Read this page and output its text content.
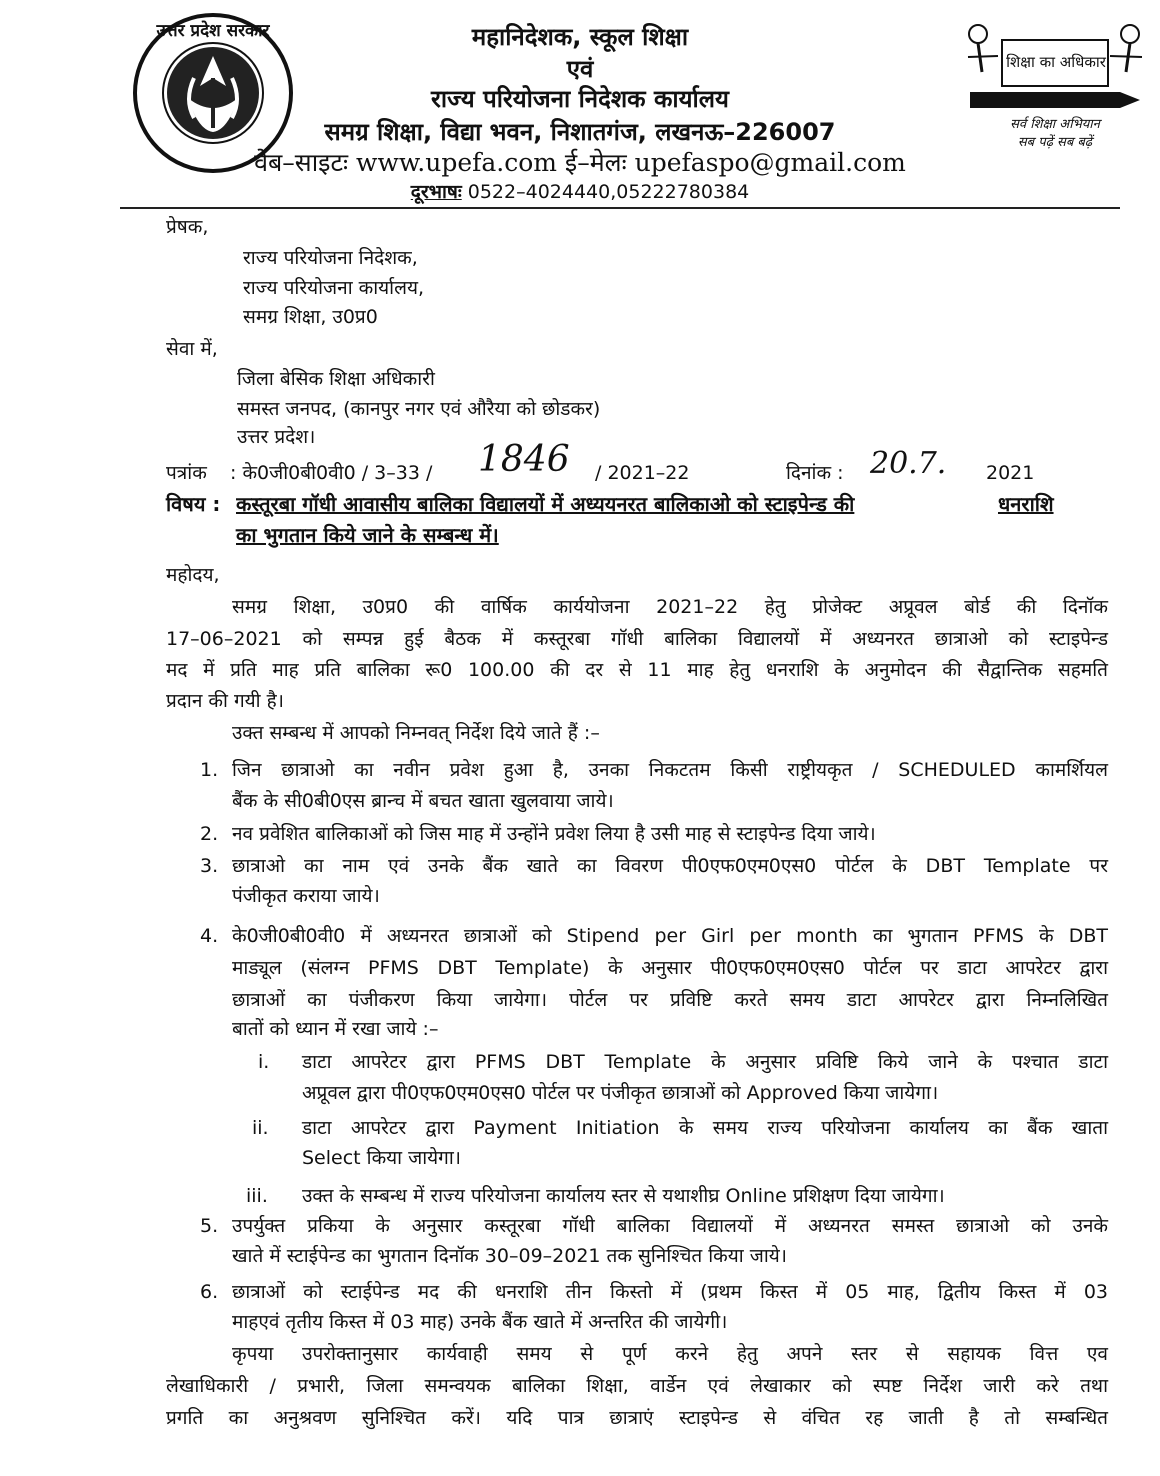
उत्तर प्रदेश सरकार	महानिदेशक, स्कूल शिक्षा
एवं
राज्य परियोजना निदेशक कार्यालय
समग्र शिक्षा, विद्या भवन, निशातगंज, लखनऊ–226007
वेब–साइटः www.upefa.com ई–मेलः upefaspo@gmail.com
दूरभाषः 0522–4024440,05222780384
शिक्षा का अधिकार
सर्व शिक्षा अभियान
सब पढ़ें सब बढ़ें
प्रेषक,
राज्य परियोजना निदेशक,
राज्य परियोजना कार्यालय,
समग्र शिक्षा, उ0प्र0
सेवा में,
जिला बेसिक शिक्षा अधिकारी
समस्त जनपद, (कानपुर नगर एवं औरैया को छोडकर)
उत्तर प्रदेश।
पत्रांक : के0जी0बी0वी0 / 3–33 / 1846 / 2021–22	दिनांक : 20.7. 2021
विषय : कस्तूरबा गॉधी आवासीय बालिका विद्यालयों में अध्ययनरत बालिकाओ को स्टाइपेन्ड की	धनराशि
का भुगतान किये जाने के सम्बन्ध में।
महोदय,
समग्र शिक्षा, उ0प्र0 की वार्षिक कार्ययोजना 2021–22 हेतु प्रोजेक्ट अप्रूवल बोर्ड की दिनॉक
17–06–2021 को सम्पन्न हुई बैठक में कस्तूरबा गॉधी बालिका विद्यालयों में अध्यनरत छात्राओ को स्टाइपेन्ड
मद में प्रति माह प्रति बालिका रू0 100.00 की दर से 11 माह हेतु धनराशि के अनुमोदन की सैद्वान्तिक सहमति
प्रदान की गयी है।
उक्त सम्बन्ध में आपको निम्नवत् निर्देश दिये जाते हैं :–
1. जिन छात्राओ का नवीन प्रवेश हुआ है, उनका निकटतम किसी राष्ट्रीयकृत / SCHEDULED कामर्शियल
बैंक के सी0बी0एस ब्रान्च में बचत खाता खुलवाया जाये।
2. नव प्रवेशित बालिकाओं को जिस माह में उन्होंने प्रवेश लिया है उसी माह से स्टाइपेन्ड दिया जाये।
3. छात्राओ का नाम एवं उनके बैंक खाते का विवरण पी0एफ0एम0एस0 पोर्टल के DBT Template पर
पंजीकृत कराया जाये।
4. के0जी0बी0वी0 में अध्यनरत छात्राओं को Stipend per Girl per month का भुगतान PFMS के DBT
माड्यूल (संलग्न PFMS DBT Template) के अनुसार पी0एफ0एम0एस0 पोर्टल पर डाटा आपरेटर द्वारा
छात्राओं का पंजीकरण किया जायेगा। पोर्टल पर प्रविष्टि करते समय डाटा आपरेटर द्वारा निम्नलिखित
बातों को ध्यान में रखा जाये :–
i. डाटा आपरेटर द्वारा PFMS DBT Template के अनुसार प्रविष्टि किये जाने के पश्चात डाटा
अप्रूवल द्वारा पी0एफ0एम0एस0 पोर्टल पर पंजीकृत छात्राओं को Approved किया जायेगा।
ii. डाटा आपरेटर द्वारा Payment Initiation के समय राज्य परियोजना कार्यालय का बैंक खाता
Select किया जायेगा।
iii. उक्त के सम्बन्ध में राज्य परियोजना कार्यालय स्तर से यथाशीघ्र Online प्रशिक्षण दिया जायेगा।
5. उपर्युक्त प्रकिया के अनुसार कस्तूरबा गॉधी बालिका विद्यालयों में अध्यनरत समस्त छात्राओ को उनके
खाते में स्टाईपेन्ड का भुगतान दिनॉक 30–09–2021 तक सुनिश्चित किया जाये।
6. छात्राओं को स्टाईपेन्ड मद की धनराशि तीन किस्तो में (प्रथम किस्त में 05 माह, द्वितीय किस्त में 03
माहएवं तृतीय किस्त में 03 माह) उनके बैंक खाते में अन्तरित की जायेगी।
कृपया उपरोक्तानुसार कार्यवाही समय से पूर्ण करने हेतु अपने स्तर से सहायक वित्त एव
लेखाधिकारी / प्रभारी, जिला समन्वयक बालिका शिक्षा, वार्डेन एवं लेखाकार को स्पष्ट निर्देश जारी करे तथा
प्रगति का अनुश्रवण सुनिश्चित करें। यदि पात्र छात्राएं स्टाइपेन्ड से वंचित रह जाती है तो सम्बन्धित
